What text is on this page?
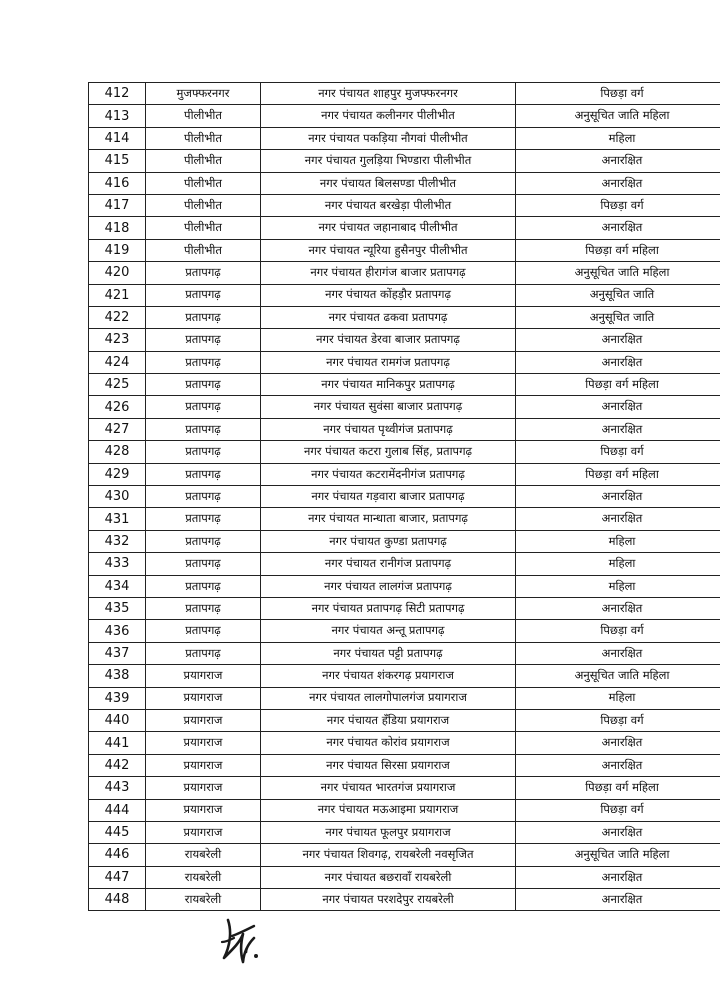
412	मुजफ्फरनगर	नगर पंचायत शाहपुर मुजफ्फरनगर	पिछड़ा वर्ग
413	पीलीभीत	नगर पंचायत कलीनगर पीलीभीत	अनुसूचित जाति महिला
414	पीलीभीत	नगर पंचायत पकड़िया नौगवां पीलीभीत	महिला
415	पीलीभीत	नगर पंचायत गुलड़िया भिण्डारा पीलीभीत	अनारक्षित
416	पीलीभीत	नगर पंचायत बिलसण्डा पीलीभीत	अनारक्षित
417	पीलीभीत	नगर पंचायत बरखेड़ा पीलीभीत	पिछड़ा वर्ग
418	पीलीभीत	नगर पंचायत जहानाबाद पीलीभीत	अनारक्षित
419	पीलीभीत	नगर पंचायत न्यूरिया हुसैनपुर पीलीभीत	पिछड़ा वर्ग महिला
420	प्रतापगढ़	नगर पंचायत हीरागंज बाजार प्रतापगढ़	अनुसूचित जाति महिला
421	प्रतापगढ़	नगर पंचायत कोंहड़ौर प्रतापगढ़	अनुसूचित जाति
422	प्रतापगढ़	नगर पंचायत ढकवा प्रतापगढ़	अनुसूचित जाति
423	प्रतापगढ़	नगर पंचायत डेरवा बाजार प्रतापगढ़	अनारक्षित
424	प्रतापगढ़	नगर पंचायत रामगंज प्रतापगढ़	अनारक्षित
425	प्रतापगढ़	नगर पंचायत मानिकपुर प्रतापगढ़	पिछड़ा वर्ग महिला
426	प्रतापगढ़	नगर पंचायत सुवंसा बाजार प्रतापगढ़	अनारक्षित
427	प्रतापगढ़	नगर पंचायत पृथ्वीगंज प्रतापगढ़	अनारक्षित
428	प्रतापगढ़	नगर पंचायत कटरा गुलाब सिंह, प्रतापगढ़	पिछड़ा वर्ग
429	प्रतापगढ़	नगर पंचायत कटरामेंदनीगंज प्रतापगढ़	पिछड़ा वर्ग महिला
430	प्रतापगढ़	नगर पंचायत गड़वारा बाजार प्रतापगढ़	अनारक्षित
431	प्रतापगढ़	नगर पंचायत मान्धाता बाजार, प्रतापगढ़	अनारक्षित
432	प्रतापगढ़	नगर पंचायत कुण्डा प्रतापगढ़	महिला
433	प्रतापगढ़	नगर पंचायत रानीगंज प्रतापगढ़	महिला
434	प्रतापगढ़	नगर पंचायत लालगंज प्रतापगढ़	महिला
435	प्रतापगढ़	नगर पंचायत प्रतापगढ़ सिटी प्रतापगढ़	अनारक्षित
436	प्रतापगढ़	नगर पंचायत अन्तू प्रतापगढ़	पिछड़ा वर्ग
437	प्रतापगढ़	नगर पंचायत पट्टी प्रतापगढ़	अनारक्षित
438	प्रयागराज	नगर पंचायत शंकरगढ़ प्रयागराज	अनुसूचित जाति महिला
439	प्रयागराज	नगर पंचायत लालगोपालगंज प्रयागराज	महिला
440	प्रयागराज	नगर पंचायत हँडिया प्रयागराज	पिछड़ा वर्ग
441	प्रयागराज	नगर पंचायत कोरांव प्रयागराज	अनारक्षित
442	प्रयागराज	नगर पंचायत सिरसा प्रयागराज	अनारक्षित
443	प्रयागराज	नगर पंचायत भारतगंज प्रयागराज	पिछड़ा वर्ग महिला
444	प्रयागराज	नगर पंचायत मऊआइमा प्रयागराज	पिछड़ा वर्ग
445	प्रयागराज	नगर पंचायत फूलपुर प्रयागराज	अनारक्षित
446	रायबरेली	नगर पंचायत शिवगढ़, रायबरेली नवसृजित	अनुसूचित जाति महिला
447	रायबरेली	नगर पंचायत बछरावाँ रायबरेली	अनारक्षित
448	रायबरेली	नगर पंचायत परशदेपुर रायबरेली	अनारक्षित
